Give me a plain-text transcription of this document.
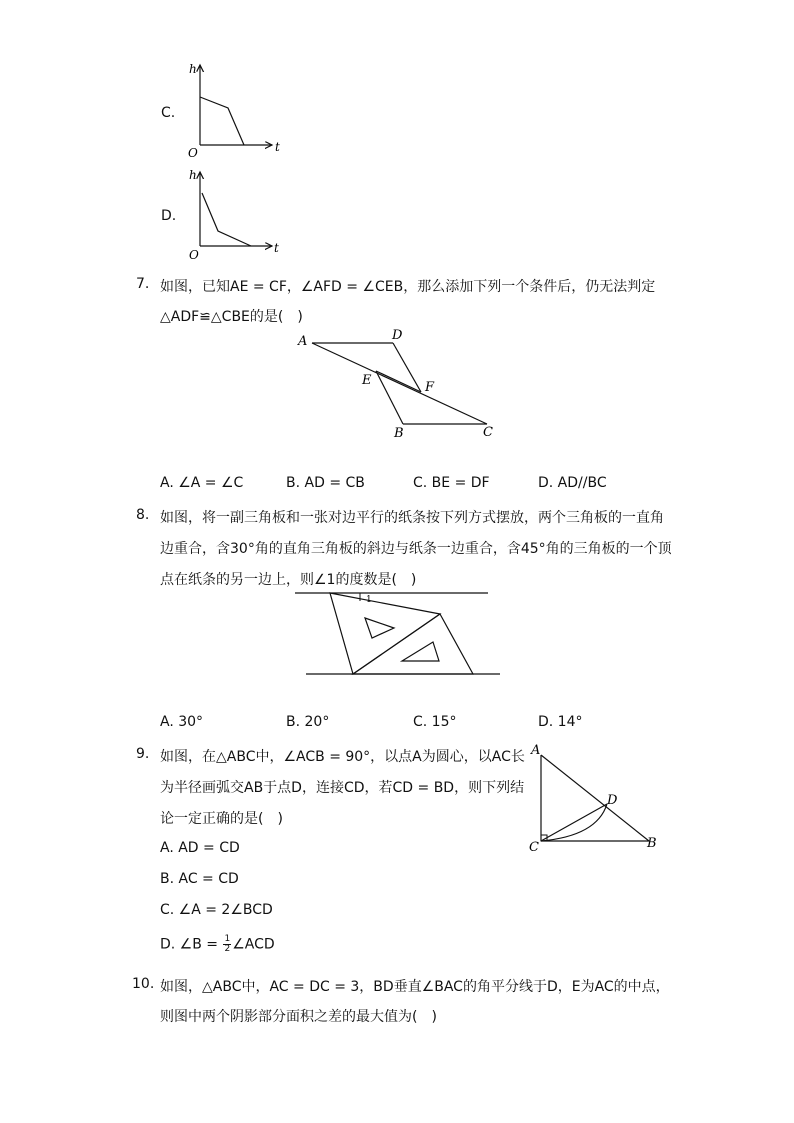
C.
h
t
O
D.
h
t
O
7. 如图，已知AE = CF，∠AFD = ∠CEB，那么添加下列一个条件后，仍无法判定
△ADF≌△CBE的是(　)
A	D
E	F
B	C
A. ∠A = ∠C	B. AD = CB	C. BE = DF	D. AD//BC
8. 如图，将一副三角板和一张对边平行的纸条按下列方式摆放，两个三角板的一直角
边重合，含30°角的直角三角板的斜边与纸条一边重合，含45°角的三角板的一个顶
点在纸条的另一边上，则∠1的度数是(　)
1
A. 30°	B. 20°	C. 15°	D. 14°
9. 如图，在△ABC中，∠ACB = 90°，以点A为圆心，以AC长
为半径画弧交AB于点D，连接CD，若CD = BD，则下列结
论一定正确的是(　)
A
D
C	B
A. AD = CD
B. AC = CD
C. ∠A = 2∠BCD
D. ∠B = $\frac{1}{2}$ ∠ACD
10. 如图，△ABC中，AC = DC = 3，BD垂直∠BAC的角平分线于D，E为AC的中点，
则图中两个阴影部分面积之差的最大值为(　)
